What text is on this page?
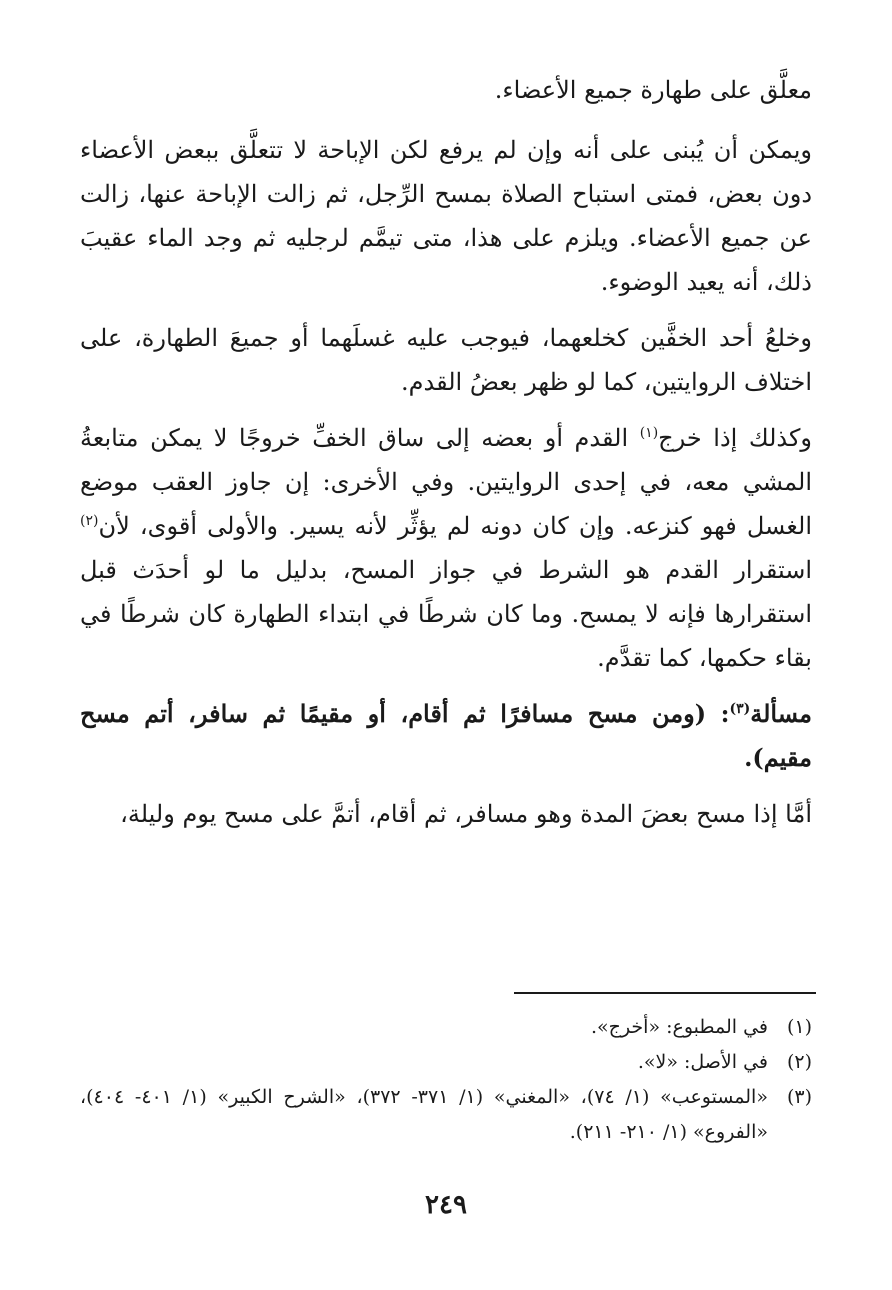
معلَّق على طهارة جميع الأعضاء.

ويمكن أن يُبنى على أنه وإن لم يرفع لكن الإباحة لا تتعلَّق ببعض الأعضاء دون بعض، فمتى استباح الصلاة بمسح الرِّجل، ثم زالت الإباحة عنها، زالت عن جميع الأعضاء. ويلزم على هذا، متى تيمَّم لرجليه ثم وجد الماء عقيبَ ذلك، أنه يعيد الوضوء.

وخلعُ أحد الخفَّين كخلعهما، فيوجب عليه غسلَهما أو جميعَ الطهارة، على اختلاف الروايتين، كما لو ظهر بعضُ القدم.

وكذلك إذا خرج$^{(١)}$ القدم أو بعضه إلى ساق الخفِّ خروجًا لا يمكن متابعةُ المشي معه، في إحدى الروايتين. وفي الأخرى: إن جاوز العقب موضع الغسل فهو كنزعه. وإن كان دونه لم يؤثِّر لأنه يسير. والأولى أقوى، لأن$^{(٢)}$ استقرار القدم هو الشرط في جواز المسح، بدليل ما لو أحدَث قبل استقرارها فإنه لا يمسح. وما كان شرطًا في ابتداء الطهارة كان شرطًا في بقاء حكمها، كما تقدَّم.

مسألة$^{(٣)}$: (ومن مسح مسافرًا ثم أقام، أو مقيمًا ثم سافر، أتم مسح مقيم).

أمَّا إذا مسح بعضَ المدة وهو مسافر، ثم أقام، أتمَّ على مسح يوم وليلة،

(١)
في المطبوع: «أخرج».
(٢)
في الأصل: «لا».
(٣)
«المستوعب» (١/ ٧٤)، «المغني» (١/ ٣٧١- ٣٧٢)، «الشرح الكبير» (١/ ٤٠١- ٤٠٤)، «الفروع» (١/ ٢١٠- ٢١١).
٢٤٩
